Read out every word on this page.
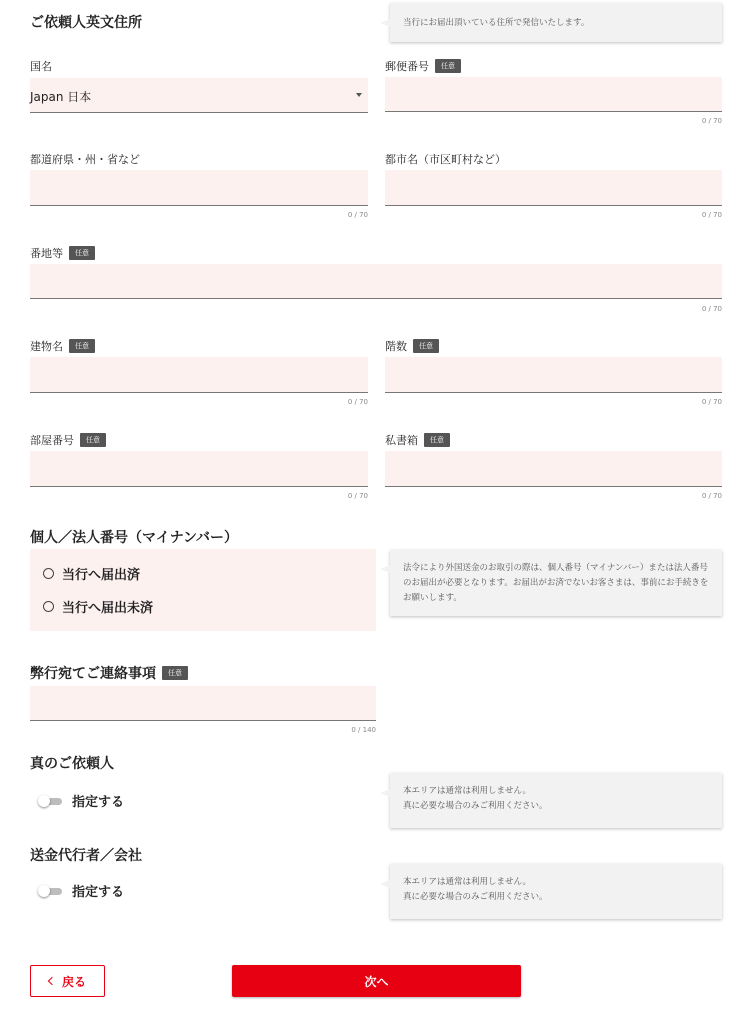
ご依頼人英文住所	当行にお届出頂いている住所で発信いたします。
国名
Japan 日本
郵便番号	任意
0 / 70
都道府県・州・省など
0 / 70
都市名（市区町村など）
0 / 70
番地等	任意
0 / 70
建物名	任意
0 / 70
階数	任意
0 / 70
部屋番号	任意
0 / 70
私書箱	任意
0 / 70
個人／法人番号（マイナンバー）
当行へ届出済
当行へ届出未済
法令により外国送金のお取引の際は、個人番号（マイナンバー）または法人番号のお届出が必要となります。お届出がお済でないお客さまは、事前にお手続きをお願いします。
弊行宛てご連絡事項	任意
0 / 140
真のご依頼人
指定する
本エリアは通常は利用しません。
真に必要な場合のみご利用ください。
送金代行者／会社
指定する
本エリアは通常は利用しません。
真に必要な場合のみご利用ください。
戻る	次へ
